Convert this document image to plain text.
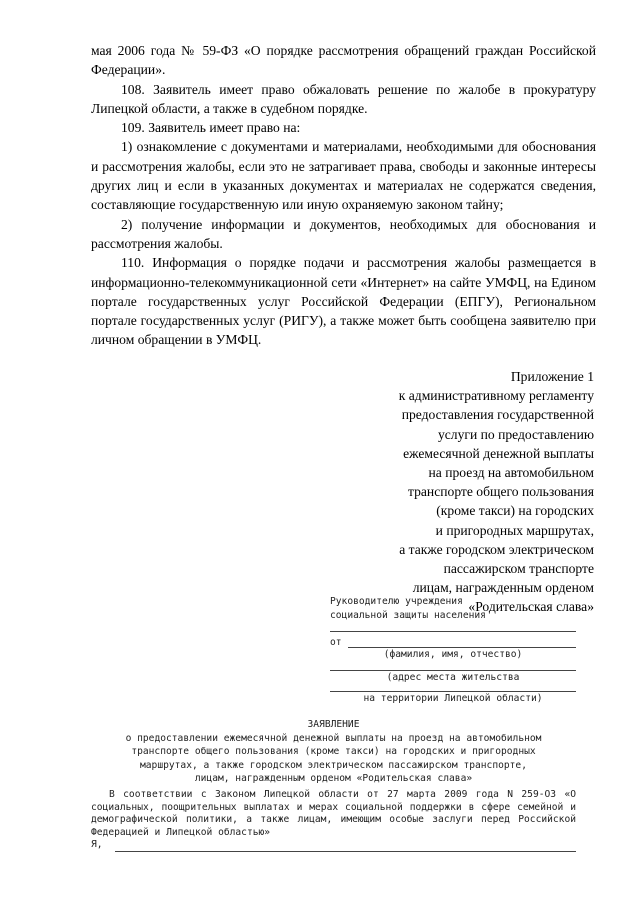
мая 2006 года № 59-ФЗ «О порядке рассмотрения обращений граждан Российской Федерации».

108. Заявитель имеет право обжаловать решение по жалобе в прокуратуру Липецкой области, а также в судебном порядке.

109. Заявитель имеет право на:

1) ознакомление с документами и материалами, необходимыми для обоснования и рассмотрения жалобы, если это не затрагивает права, свободы и законные интересы других лиц и если в указанных документах и материалах не содержатся сведения, составляющие государственную или иную охраняемую законом тайну;

2) получение информации и документов, необходимых для обоснования и рассмотрения жалобы.

110. Информация о порядке подачи и рассмотрения жалобы размещается в информационно-телекоммуникационной сети «Интернет» на сайте УМФЦ, на Едином портале государственных услуг Российской Федерации (ЕПГУ), Региональном портале государственных услуг (РИГУ), а также может быть сообщена заявителю при личном обращении в УМФЦ.

Приложение 1
к административному регламенту
предоставления государственной
услуги по предоставлению
ежемесячной денежной выплаты
на проезд на автомобильном
транспорте общего пользования
(кроме такси) на городских
и пригородных маршрутах,
а также городском электрическом
пассажирском транспорте
лицам, награжденным орденом
«Родительская слава»
Руководителю учреждения
социальной защиты населения
от
(фамилия, имя, отчество)
(адрес места жительства
на территории Липецкой области)
ЗАЯВЛЕНИЕ
о предоставлении ежемесячной денежной выплаты на проезд на автомобильном
транспорте общего пользования (кроме такси) на городских и пригородных
маршрутах, а также городском электрическом пассажирском транспорте,
лицам, награжденным орденом «Родительская слава»
В соответствии с Законом Липецкой области от 27 марта 2009 года N 259-ОЗ «О социальных, поощрительных выплатах и мерах социальной поддержки в сфере семейной и демографической политики, а также лицам, имеющим особые заслуги перед Российской Федерацией и Липецкой областью»
Я,
